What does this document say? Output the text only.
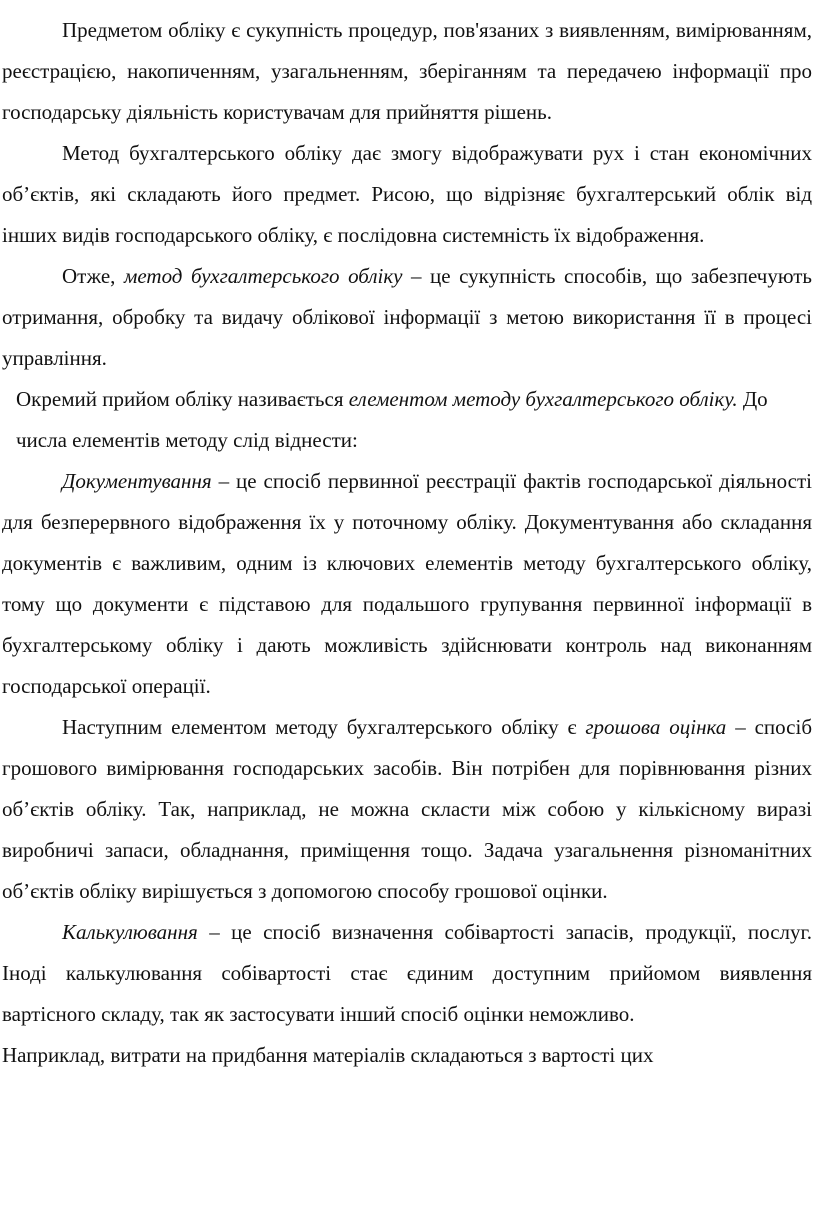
Предметом обліку є сукупність процедур, пов'язаних з виявленням, вимірюванням, реєстрацією, накопиченням, узагальненням, зберіганням та передачею інформації про господарську діяльність користувачам для прийняття рішень.

Метод бухгалтерського обліку дає змогу відображувати рух і стан економічних об’єктів, які складають його предмет. Рисою, що відрізняє бухгалтерський облік від інших видів господарського обліку, є послідовна системність їх відображення.

Отже, метод бухгалтерського обліку – це сукупність способів, що забезпечують отримання, обробку та видачу облікової інформації з метою використання її в процесі управління.

Окремий прийом обліку називається елементом методу бухгалтерського обліку. До числа елементів методу слід віднести:

Документування – це спосіб первинної реєстрації фактів господарської діяльності для безперервного відображення їх у поточному обліку. Документування або складання документів є важливим, одним із ключових елементів методу бухгалтерського обліку, тому що документи є підставою для подальшого групування первинної інформації в бухгалтерському обліку і дають можливість здійснювати контроль над виконанням господарської операції.

Наступним елементом методу бухгалтерського обліку є грошова оцінка – спосіб грошового вимірювання господарських засобів. Він потрібен для порівнювання різних об’єктів обліку. Так, наприклад, не можна скласти між собою у кількісному виразі виробничі запаси, обладнання, приміщення тощо. Задача узагальнення різноманітних об’єктів обліку вирішується з допомогою способу грошової оцінки.

Калькулювання – це спосіб визначення собівартості запасів, продукції, послуг. Іноді калькулювання собівартості стає єдиним доступним прийомом виявлення вартісного складу, так як застосувати інший спосіб оцінки неможливо.

Наприклад, витрати на придбання матеріалів складаються з вартості цих
